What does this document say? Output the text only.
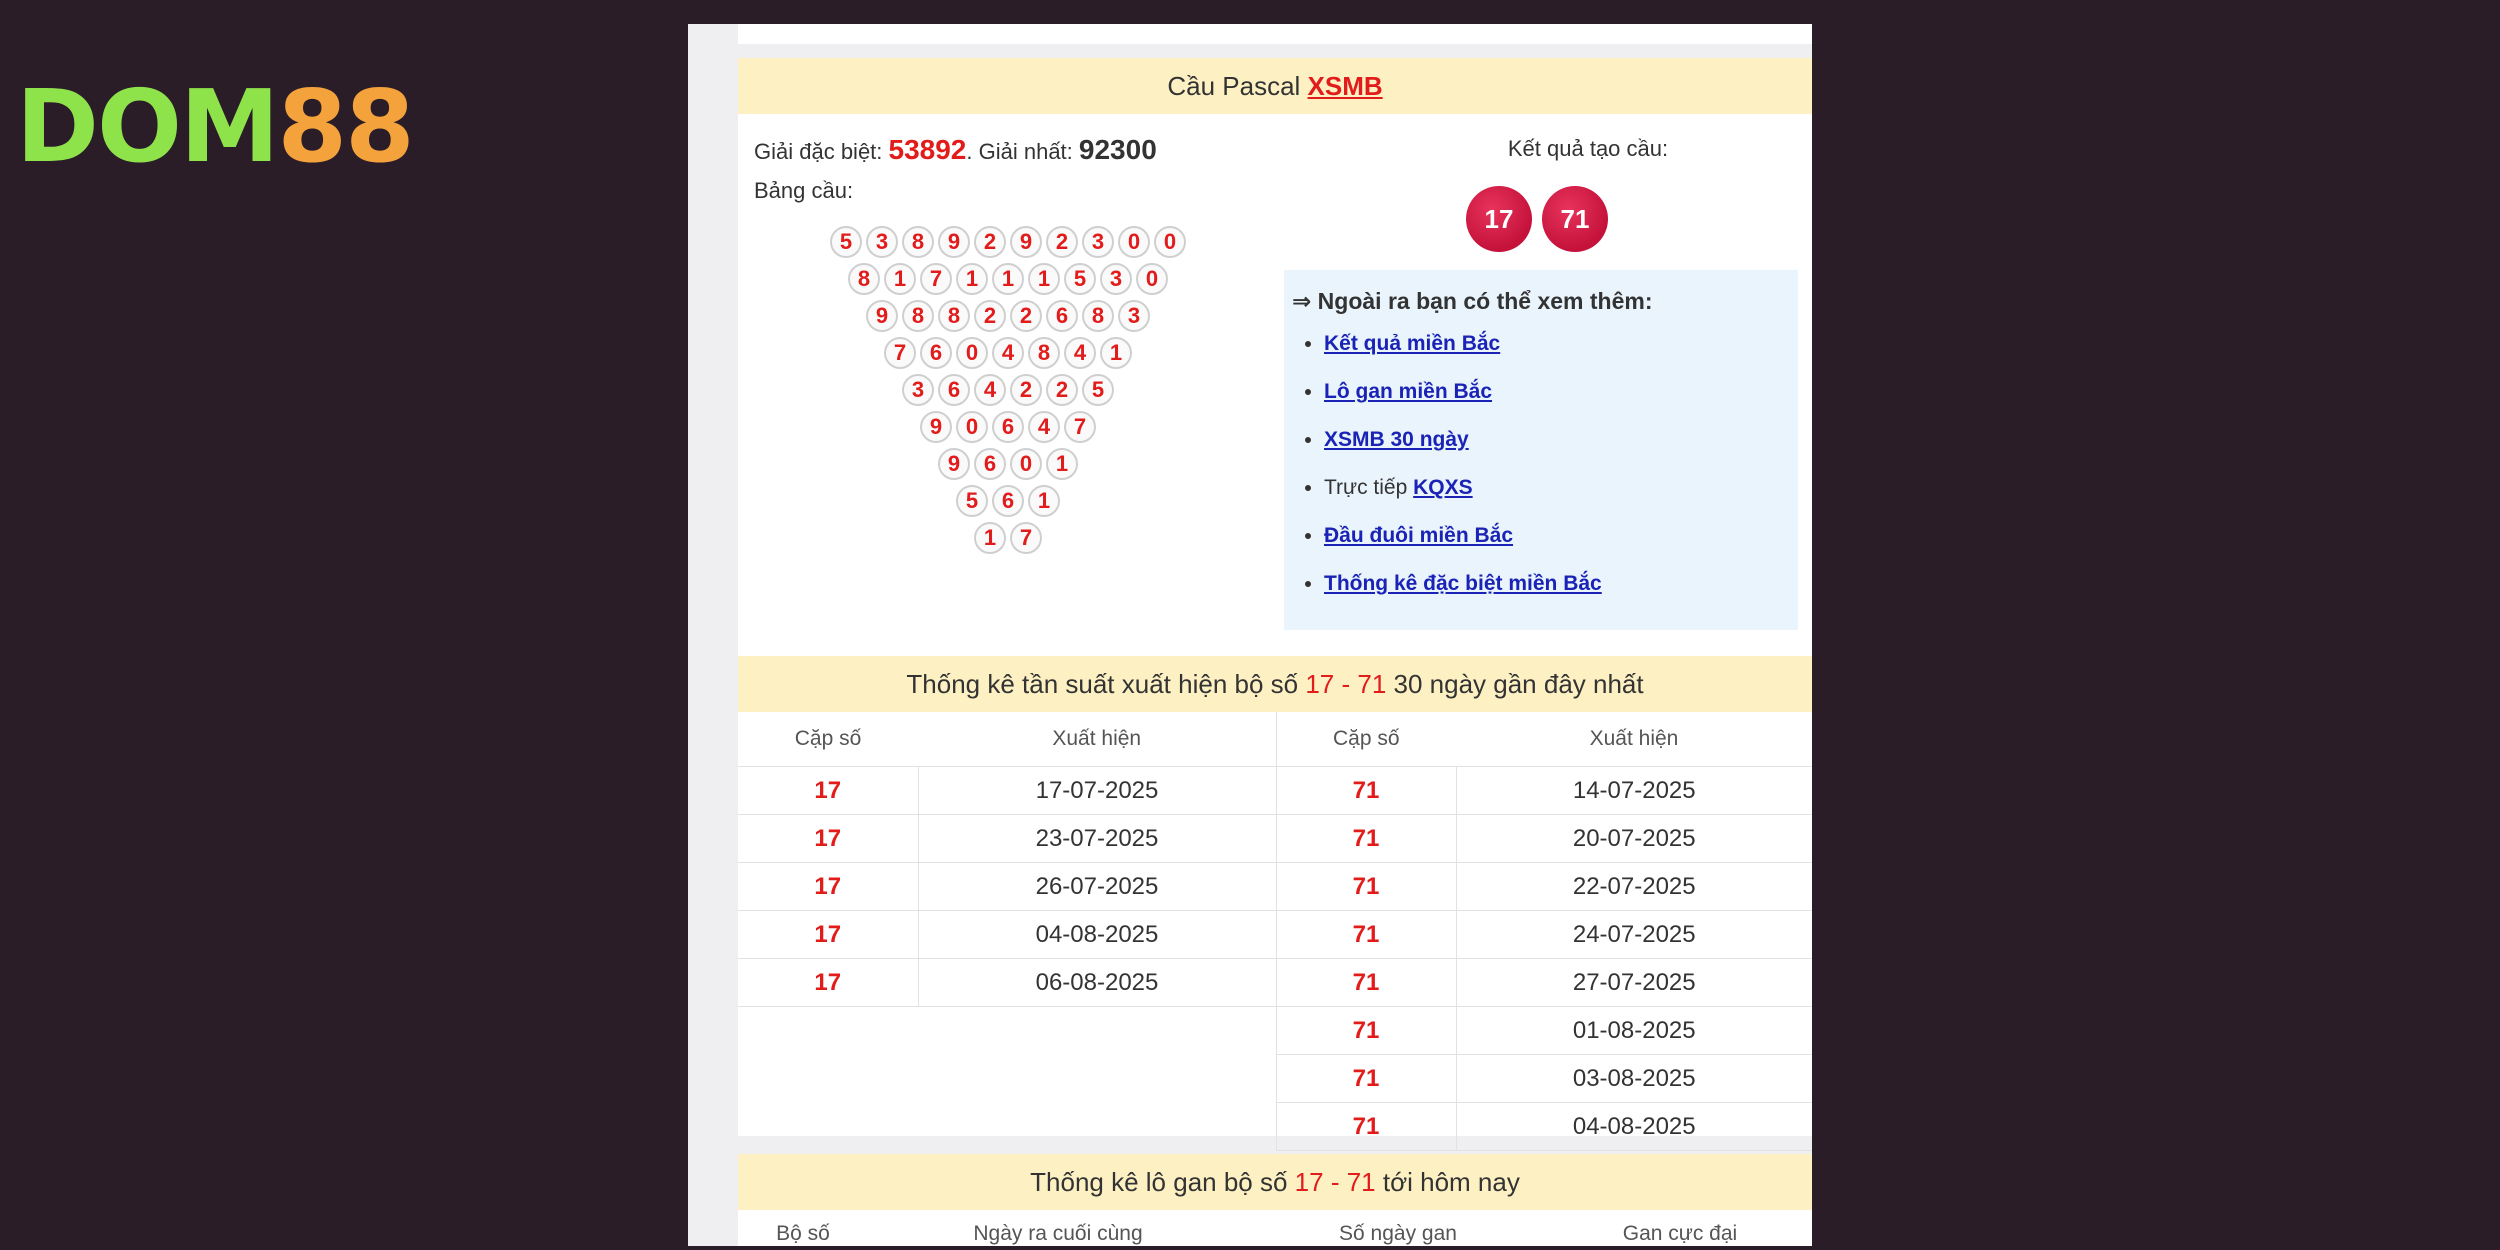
DOM 88	Cầu Pascal XSMB
Giải đặc biệt: 53892. Giải nhất: 92300
Bảng cầu:
Kết quả tạo cầu:
17	71
5	3	8	9	2	9	2	3	0	0
8	1	7	1	1	1	5	3	0
9	8	8	2	2	6	8	3
7	6	0	4	8	4	1
3	6	4	2	2	5
9	0	6	4	7
9	6	0	1
5	6	1
1	7
⇒ Ngoài ra bạn có thể xem thêm:
• Kết quả miền Bắc
• Lô gan miền Bắc
• XSMB 30 ngày
• Trực tiếp KQXS
• Đầu đuôi miền Bắc
• Thống kê đặc biệt miền Bắc
Thống kê tần suất xuất hiện bộ số 17 - 71 30 ngày gần đây nhất
Cặp số	Xuất hiện	Cặp số	Xuất hiện
17	17-07-2025	71	14-07-2025
17	23-07-2025	71	20-07-2025
17	26-07-2025	71	22-07-2025
17	04-08-2025	71	24-07-2025
17	06-08-2025	71	27-07-2025
		71	01-08-2025
		71	03-08-2025
		71	04-08-2025
Thống kê lô gan bộ số 17 - 71 tới hôm nay
Bộ số	Ngày ra cuối cùng	Số ngày gan	Gan cực đại
